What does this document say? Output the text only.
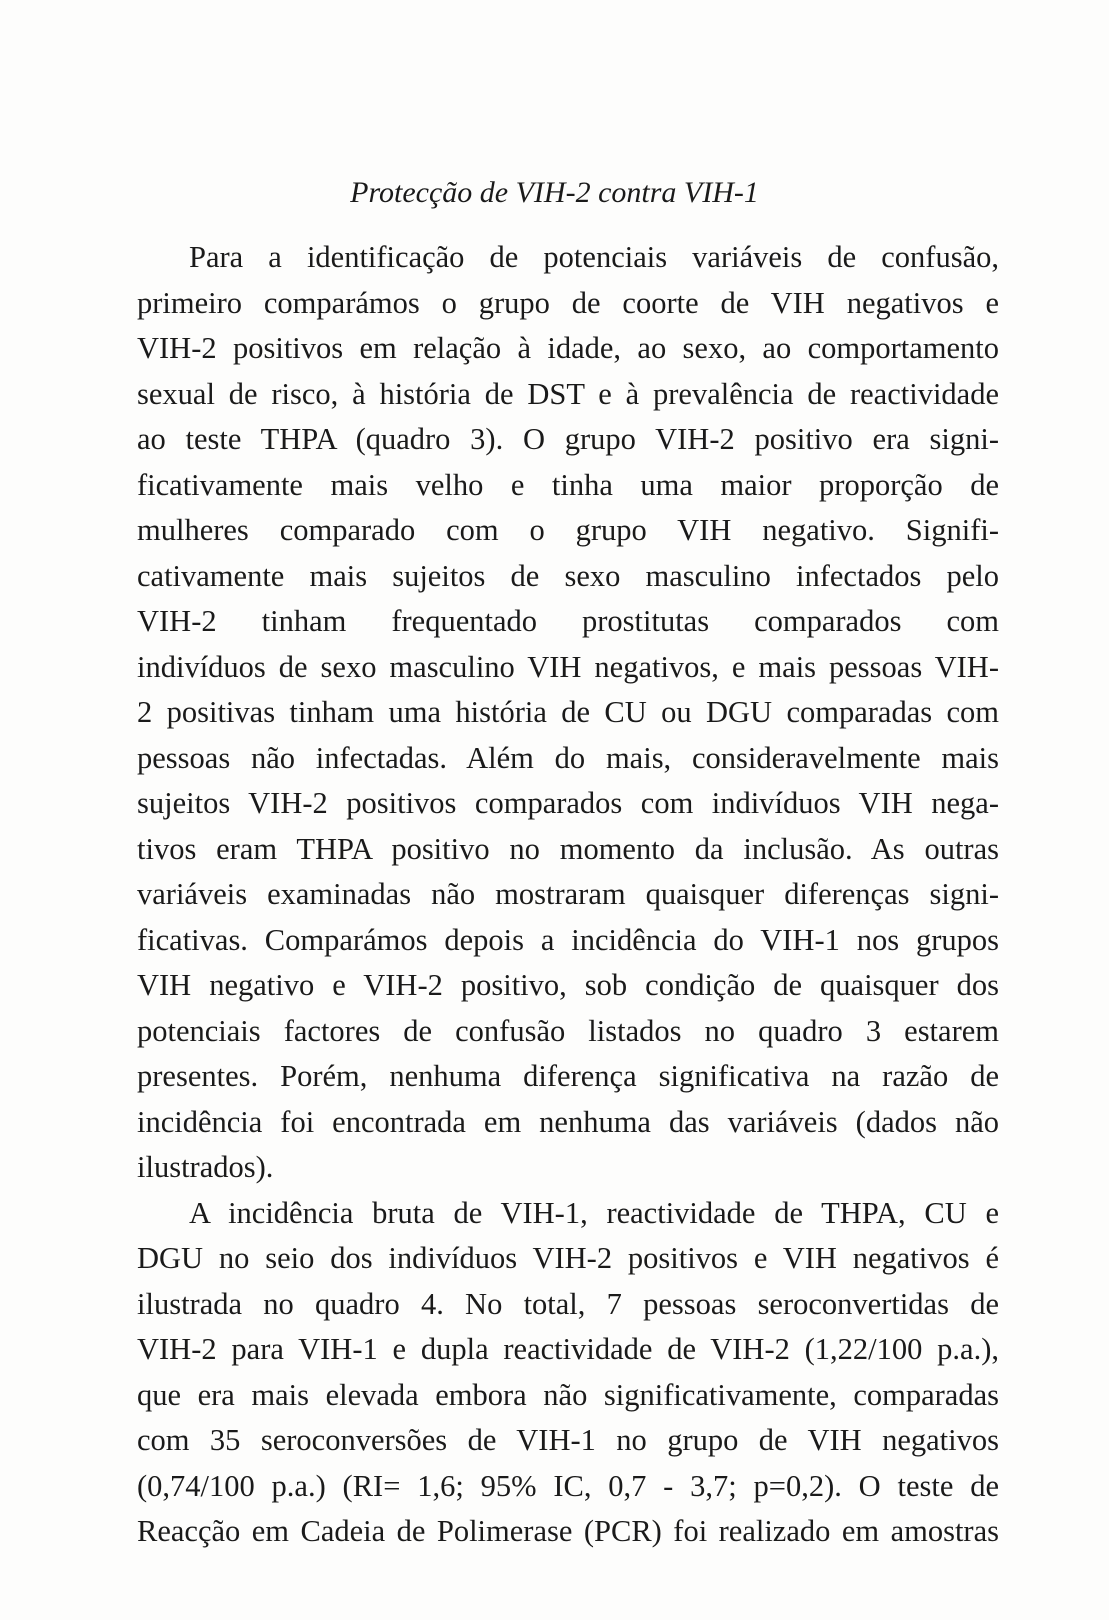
Protecção de VIH-2 contra VIH-1
Para a identificação de potenciais variáveis de confusão,
primeiro comparámos o grupo de coorte de VIH negativos e
VIH-2 positivos em relação à idade, ao sexo, ao comportamento
sexual de risco, à história de DST e à prevalência de reactividade
ao teste THPA (quadro 3). O grupo VIH-2 positivo era signi-
ficativamente mais velho e tinha uma maior proporção de
mulheres comparado com o grupo VIH negativo. Signifi-
cativamente mais sujeitos de sexo masculino infectados pelo
VIH-2 tinham frequentado prostitutas comparados com
indivíduos de sexo masculino VIH negativos, e mais pessoas VIH-
2 positivas tinham uma história de CU ou DGU comparadas com
pessoas não infectadas. Além do mais, consideravelmente mais
sujeitos VIH-2 positivos comparados com indivíduos VIH nega-
tivos eram THPA positivo no momento da inclusão. As outras
variáveis examinadas não mostraram quaisquer diferenças signi-
ficativas. Comparámos depois a incidência do VIH-1 nos grupos
VIH negativo e VIH-2 positivo, sob condição de quaisquer dos
potenciais factores de confusão listados no quadro 3 estarem
presentes. Porém, nenhuma diferença significativa na razão de
incidência foi encontrada em nenhuma das variáveis (dados não
ilustrados).
A incidência bruta de VIH-1, reactividade de THPA, CU e
DGU no seio dos indivíduos VIH-2 positivos e VIH negativos é
ilustrada no quadro 4. No total, 7 pessoas seroconvertidas de
VIH-2 para VIH-1 e dupla reactividade de VIH-2 (1,22/100 p.a.),
que era mais elevada embora não significativamente, comparadas
com 35 seroconversões de VIH-1 no grupo de VIH negativos
(0,74/100 p.a.) (RI= 1,6; 95% IC, 0,7 - 3,7; p=0,2). O teste de
Reacção em Cadeia de Polimerase (PCR) foi realizado em amostras
